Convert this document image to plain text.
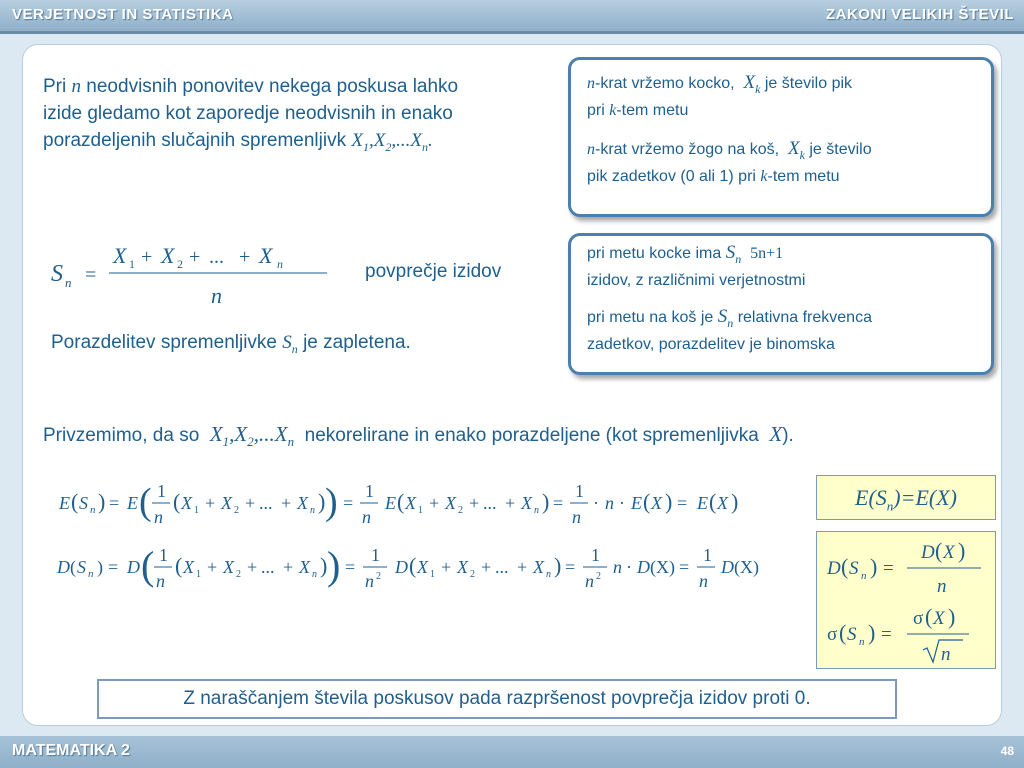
VERJETNOST IN STATISTIKA	ZAKONI VELIKIH ŠTEVIL
Pri n neodvisnih ponovitev nekega poskusa lahko
izide gledamo kot zaporedje neodvisnih in enako
porazdeljenih slučajnih spremenljivk $X_1,X_2,...X_n$.
n-krat vržemo kocko, $X_k$ je število pik
pri k-tem metu
n-krat vržemo žogo na koš, $X_k$ je število
pik zadetkov (0 ali 1) pri k-tem metu
S n =
X 1 + X 2 + ... + X n
n
povprečje izidov
pri metu kocke ima $S_n$ 5n+1
izidov, z različnimi verjetnostmi
pri metu na koš je $S_n$ relativna frekvenca
zadetkov, porazdelitev je binomska
Porazdelitev spremenljivke $S_n$ je zapletena.
Privzemimo, da so $X_1,X_2,...X_n$ nekorelirane in enako porazdeljene (kot spremenljivka X).
E ( S n ) = E ( 1
n
( X 1 + X 2 + ... + X n ) ) =
1
n
E ( X 1 + X 2 + ... + X n ) =
1
n
· n · E ( X ) = E ( X )	$E(S_n)=E(X)$
D ( S n ) = D ( 1
n
( X 1 + X 2 + ... + X n ) ) =
1
n 2 D ( X 1 + X 2 + ... + X n ) =
1
n 2 n · D (X) =
1
n
D (X)	D ( S n ) =
D ( X )
n
σ ( S n ) =
σ ( X )
n
Z naraščanjem števila poskusov pada razpršenost povprečja izidov proti 0.
MATEMATIKA 2	48
